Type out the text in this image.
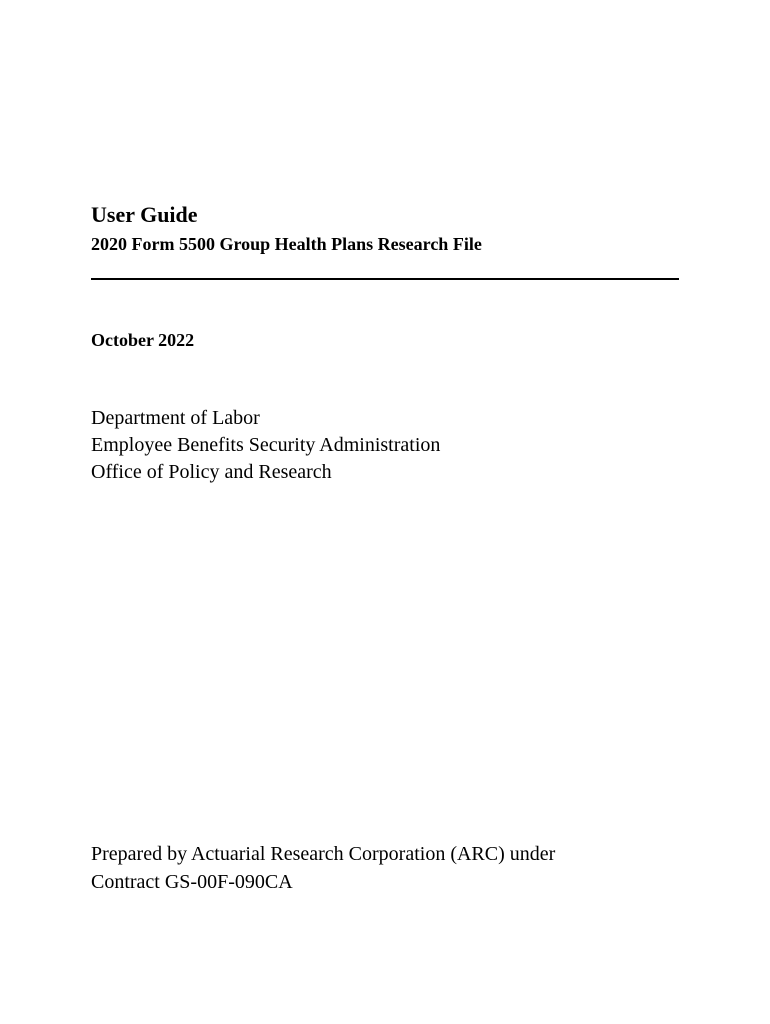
User Guide
2020 Form 5500 Group Health Plans Research File

October 2022

Department of Labor
Employee Benefits Security Administration
Office of Policy and Research
Prepared by Actuarial Research Corporation (ARC) under
Contract GS-00F-090CA
